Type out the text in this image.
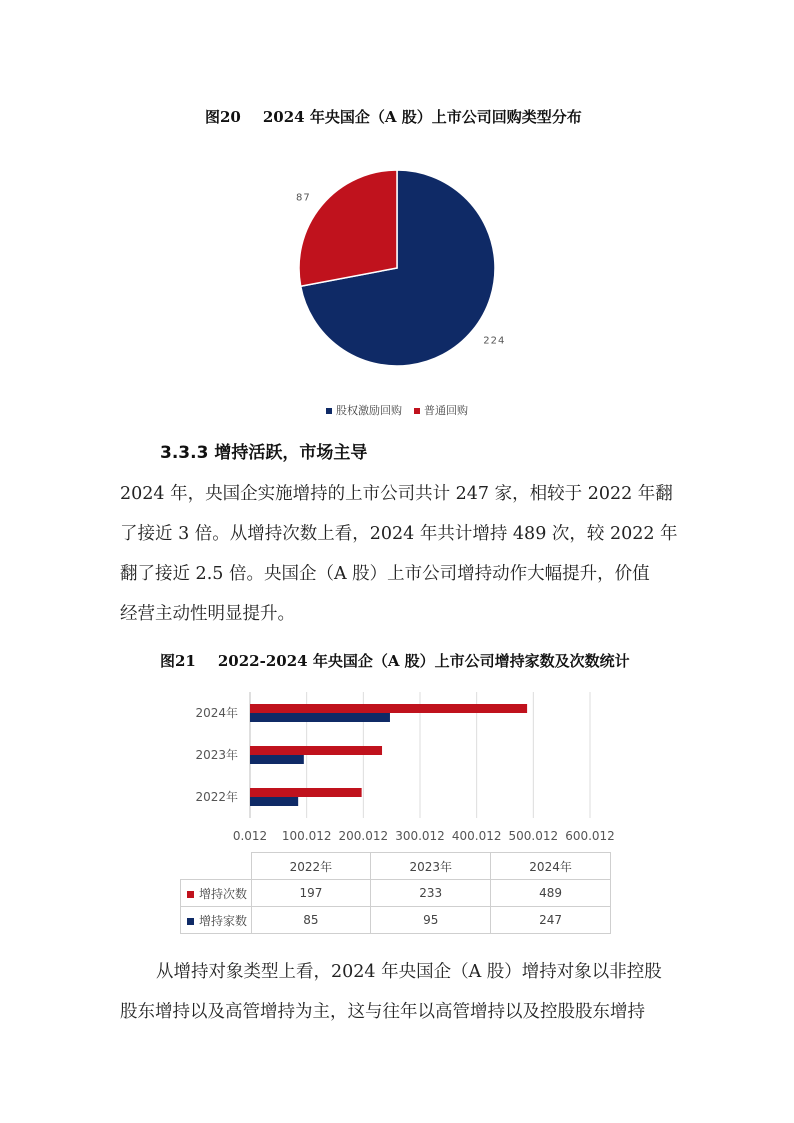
图20 2024 年央国企（A 股）上市公司回购类型分布
224
87
股权激励回购	普通回购
3.3.3 增持活跃，市场主导
2024 年，央国企实施增持的上市公司共计 247 家，相较于 2022 年翻
了接近 3 倍。从增持次数上看，2024 年共计增持 489 次，较 2022 年
翻了接近 2.5 倍。央国企（A 股）上市公司增持动作大幅提升，价值
经营主动性明显提升。
图21 2022-2024 年央国企（A 股）上市公司增持家数及次数统计
0.012 100.012 200.012 300.012 400.012 500.012 600.012
2022年
2023年
2024年
	2022年	2023年	2024年
增持次数	197	233	489
增持家数	85	95	247
从增持对象类型上看，2024 年央国企（A 股）增持对象以非控股
股东增持以及高管增持为主，这与往年以高管增持以及控股股东增持
